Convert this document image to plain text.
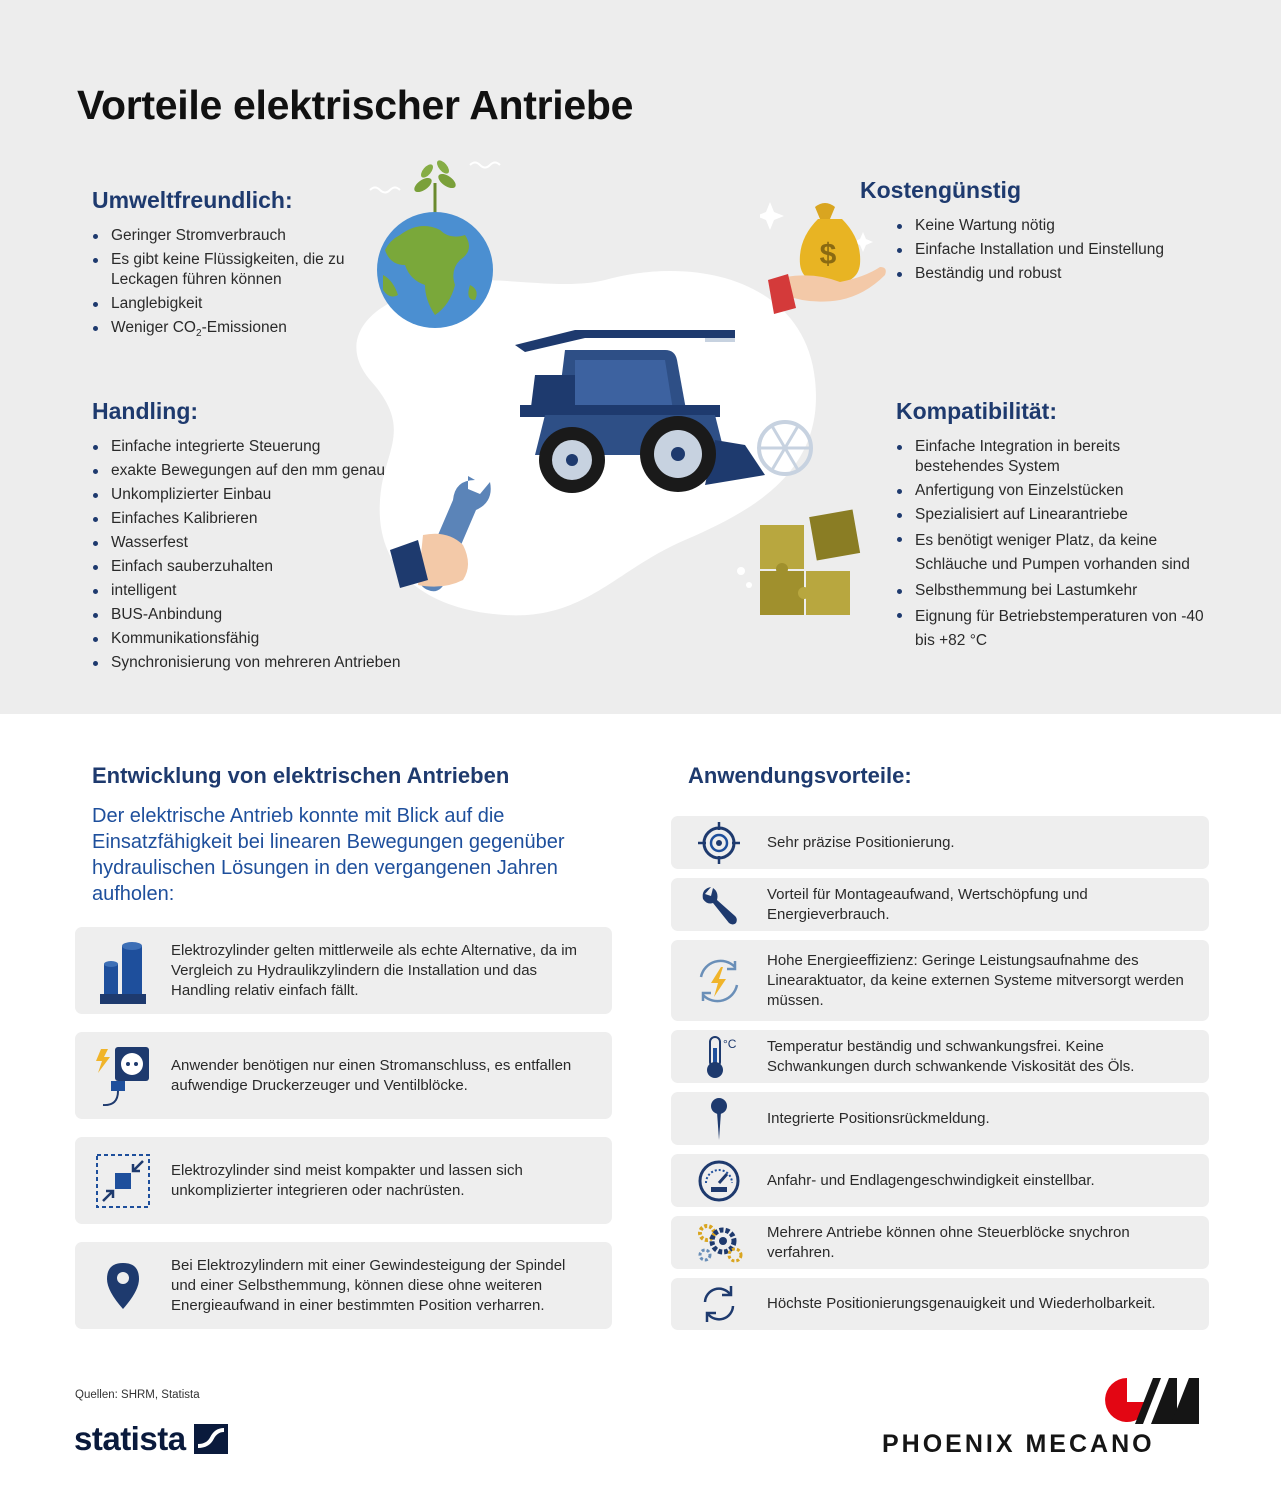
Vorteile elektrischer Antriebe
Umweltfreundlich:
Geringer Stromverbrauch
Es gibt keine Flüssigkeiten, die zu Leckagen führen können
Langlebigkeit
Weniger $CO_2$-Emissionen
Kostengünstig
Keine Wartung nötig
Einfache Installation und Einstellung
Beständig und robust
Handling:
Einfache integrierte Steuerung
exakte Bewegungen auf den mm genau
Unkomplizierter Einbau
Einfaches Kalibrieren
Wasserfest
Einfach sauberzuhalten
intelligent
BUS-Anbindung
Kommunikationsfähig
Synchronisierung von mehreren Antrieben
Kompatibilität:
Einfache Integration in bereits bestehendes System
Anfertigung von Einzelstücken
Spezialisiert auf Linearantriebe
Es benötigt weniger Platz, da keine Schläuche und Pumpen vorhanden sind
Selbsthemmung bei Lastumkehr
Eignung für Betriebstemperaturen von -40 bis +82 °C
$
Entwicklung von elektrischen Antrieben
Der elektrische Antrieb konnte mit Blick auf die Einsatzfähigkeit bei linearen Bewegungen gegenüber hydraulischen Lösungen in den vergangenen Jahren aufholen:
Elektrozylinder gelten mittlerweile als echte Alternative, da im Vergleich zu Hydraulikzylindern die Installation und das Handling relativ einfach fällt.
Anwender benötigen nur einen Stromanschluss, es entfallen aufwendige Druckerzeuger und Ventilblöcke.
Elektrozylinder sind meist kompakter und lassen sich unkomplizierter integrieren oder nachrüsten.
Bei Elektrozylindern mit einer Gewindesteigung der Spindel und einer Selbsthemmung, können diese ohne weiteren Energieaufwand in einer bestimmten Position verharren.
Anwendungsvorteile:
Sehr präzise Positionierung.
Vorteil für Montageaufwand, Wertschöpfung und Energieverbrauch.
Hohe Energieeffizienz: Geringe Leistungsaufnahme des Linearaktuator, da keine externen Systeme mitversorgt werden müssen.
°C Temperatur beständig und schwankungsfrei. Keine Schwankungen durch schwankende Viskosität des Öls.
Integrierte Positionsrückmeldung.
Anfahr- und Endlagengeschwindigkeit einstellbar.
Mehrere Antriebe können ohne Steuerblöcke snychron verfahren.
Höchste Positionierungsgenauigkeit und Wiederholbarkeit.
Quellen: SHRM, Statista
statista	PHOENIX MECANO
